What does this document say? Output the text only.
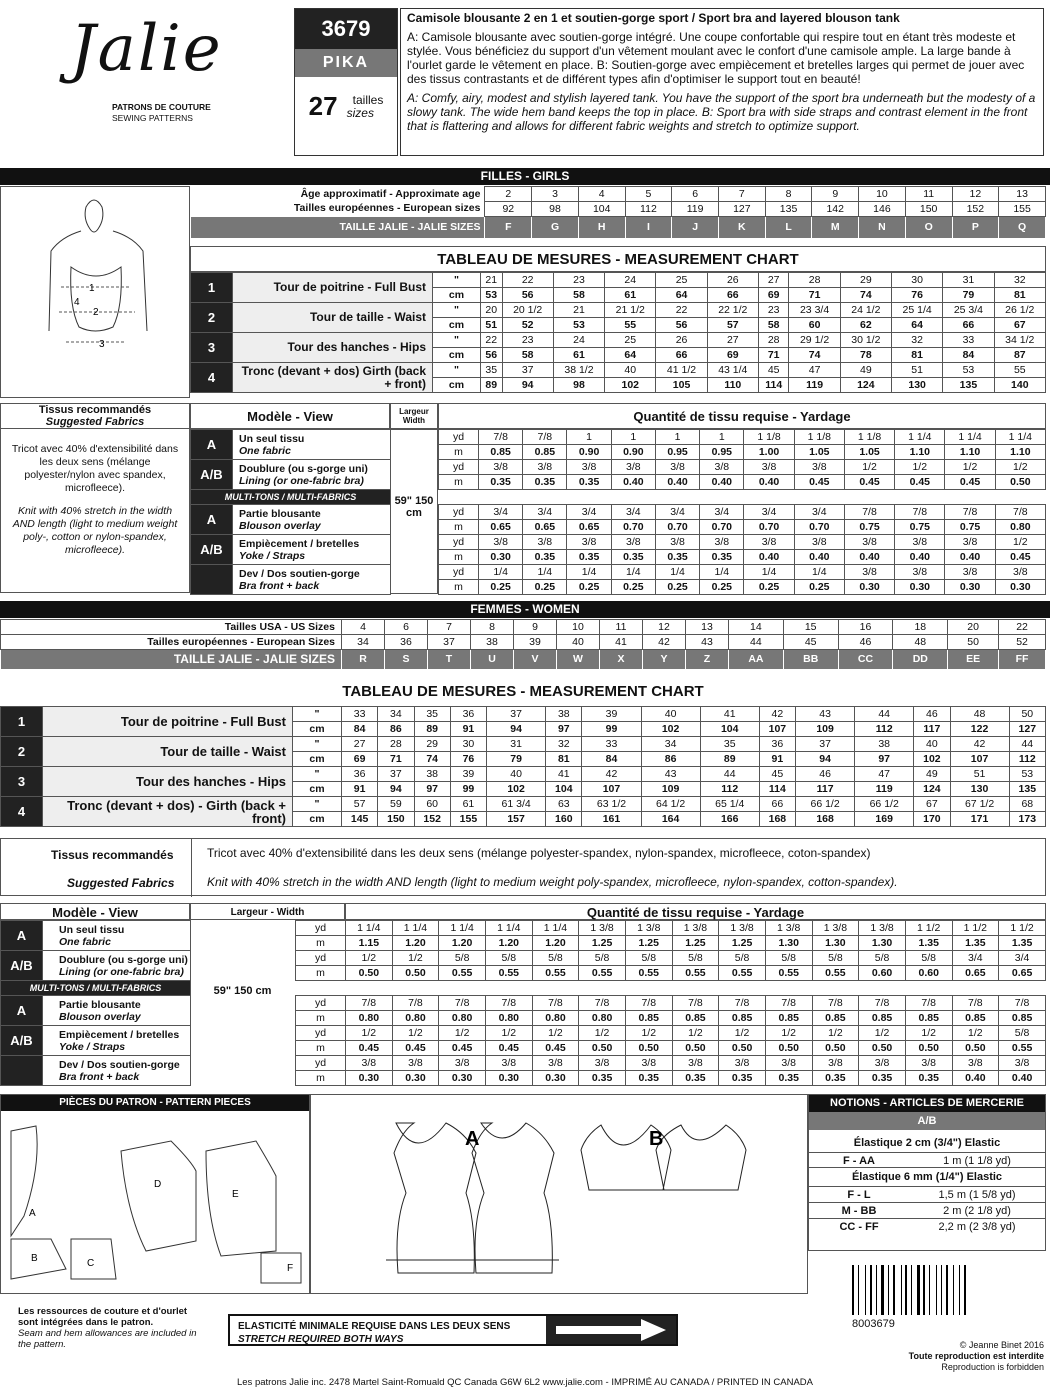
Jalie
PATRONS DE COUTURE
SEWING PATTERNS
3679
PIKA
27 tailles
sizes
Camisole blousante 2 en 1 et soutien-gorge sport / Sport bra and layered blouson tank

A: Camisole blousante avec soutien-gorge intégré. Une coupe confortable qui respire tout en étant très modeste et stylée. Vous bénéficiez du support d'un vêtement moulant avec le confort d'une camisole ample. La large bande à l'ourlet garde le vêtement en place. B: Soutien-gorge avec empiècement et bretelles larges qui permet de jouer avec des tissus contrastants et de différent types afin d'optimiser le support tout en beauté!

A: Comfy, airy, modest and stylish layered tank. You have the support of the sport bra underneath but the modesty of a slowy tank. The wide hem band keeps the top in place. B: Sport bra with side straps and contrast element in the front that is flattering and allows for different fabric weights and stretch to optimize support.

FILLES - GIRLS
1
2
3
4
Âge approximatif - Approximate age	2	3	4	5	6	7	8	9	10	11	12	13
Tailles européennes - European sizes	92	98	104	112	119	127	135	142	146	150	152	155
TAILLE JALIE - JALIE SIZES	F	G	H	I	J	K	L	M	N	O	P	Q
TABLEAU DE MESURES - MEASUREMENT CHART
1	Tour de poitrine - Full Bust	"	21	22	23	24	25	26	27	28	29	30	31	32
		cm	53	56	58	61	64	66	69	71	74	76	79	81
2	Tour de taille - Waist	"	20	20 1/2	21	21 1/2	22	22 1/2	23	23 3/4	24 1/2	25 1/4	25 3/4	26 1/2
		cm	51	52	53	55	56	57	58	60	62	64	66	67
3	Tour des hanches - Hips	"	22	23	24	25	26	27	28	29 1/2	30 1/2	32	33	34 1/2
		cm	56	58	61	64	66	69	71	74	78	81	84	87
4	Tronc (devant + dos) Girth (back + front)	"	35	37	38 1/2	40	41 1/2	43 1/4	45	47	49	51	53	55
		cm	89	94	98	102	105	110	114	119	124	130	135	140
Tissus recommandés
Suggested Fabrics
Tricot avec 40% d'extensibilité dans les deux sens (mélange polyester/nylon avec spandex, microfleece).
Knit with 40% stretch in the width AND length (light to medium weight poly-, cotton or nylon-spandex, microfleece).
Modèle - View	Largeur Width	Quantité de tissu requise - Yardage
59" 150 cm
A	Un seul tissu
One fabric		yd	7/8	7/8	1	1	1	1	1 1/8	1 1/8	1 1/8	1 1/4	1 1/4	1 1/4
			m	0.85	0.85	0.90	0.90	0.95	0.95	1.00	1.05	1.05	1.10	1.10	1.10
A/B	Doublure (ou s-gorge uni)
Lining (or one-fabric bra)		yd	3/8	3/8	3/8	3/8	3/8	3/8	3/8	3/8	1/2	1/2	1/2	1/2
			m	0.35	0.35	0.35	0.40	0.40	0.40	0.40	0.45	0.45	0.45	0.45	0.50
MULTI-TONS / MULTI-FABRICS															
A	Partie blousante
Blouson overlay		yd	3/4	3/4	3/4	3/4	3/4	3/4	3/4	3/4	7/8	7/8	7/8	7/8
			m	0.65	0.65	0.65	0.70	0.70	0.70	0.70	0.70	0.75	0.75	0.75	0.80
A/B	Empiècement / bretelles
Yoke / Straps		yd	3/8	3/8	3/8	3/8	3/8	3/8	3/8	3/8	3/8	3/8	3/8	1/2
			m	0.30	0.35	0.35	0.35	0.35	0.35	0.40	0.40	0.40	0.40	0.40	0.45

	Dev / Dos soutien-gorge
Bra front + back		yd	1/4	1/4	1/4	1/4	1/4	1/4	1/4	1/4	3/8	3/8	3/8	3/8
			m	0.25	0.25	0.25	0.25	0.25	0.25	0.25	0.25	0.30	0.30	0.30	0.30
FEMMES - WOMEN
Tailles USA - US Sizes	4	6	7	8	9	10	11	12	13	14	15	16	18	20	22
Tailles européennes - European Sizes	34	36	37	38	39	40	41	42	43	44	45	46	48	50	52
TAILLE JALIE - JALIE SIZES	R	S	T	U	V	W	X	Y	Z	AA	BB	CC	DD	EE	FF
TABLEAU DE MESURES - MEASUREMENT CHART
1	Tour de poitrine - Full Bust	"	33	34	35	36	37	38	39	40	41	42	43	44	46	48	50
		cm	84	86	89	91	94	97	99	102	104	107	109	112	117	122	127
2	Tour de taille - Waist	"	27	28	29	30	31	32	33	34	35	36	37	38	40	42	44
		cm	69	71	74	76	79	81	84	86	89	91	94	97	102	107	112
3	Tour des hanches - Hips	"	36	37	38	39	40	41	42	43	44	45	46	47	49	51	53
		cm	91	94	97	99	102	104	107	109	112	114	117	119	124	130	135
4	Tronc (devant + dos) - Girth (back + front)	"	57	59	60	61	61 3/4	63	63 1/2	64 1/2	65 1/4	66	66 1/2	66 1/2	67	67 1/2	68
		cm	145	150	152	155	157	160	161	164	166	168	168	169	170	171	173
Tissus recommandés
Suggested Fabrics
Tricot avec 40% d'extensibilité dans les deux sens (mélange polyester-spandex, nylon-spandex, microfleece, coton-spandex)
Knit with 40% stretch in the width AND length (light to medium weight poly-spandex, microfleece, nylon-spandex, cotton-spandex).
Modèle - View	Largeur - Width	Quantité de tissu requise - Yardage
59" 150 cm
A	Un seul tissu
One fabric		yd	1 1/4	1 1/4	1 1/4	1 1/4	1 1/4	1 3/8	1 3/8	1 3/8	1 3/8	1 3/8	1 3/8	1 3/8	1 1/2	1 1/2	1 1/2
			m	1.15	1.20	1.20	1.20	1.20	1.25	1.25	1.25	1.25	1.30	1.30	1.30	1.35	1.35	1.35
A/B	Doublure (ou s-gorge uni)
Lining (or one-fabric bra)		yd	1/2	1/2	5/8	5/8	5/8	5/8	5/8	5/8	5/8	5/8	5/8	5/8	5/8	3/4	3/4
			m	0.50	0.50	0.55	0.55	0.55	0.55	0.55	0.55	0.55	0.55	0.55	0.60	0.60	0.65	0.65
MULTI-TONS / MULTI-FABRICS																		
A	Partie blousante
Blouson overlay		yd	7/8	7/8	7/8	7/8	7/8	7/8	7/8	7/8	7/8	7/8	7/8	7/8	7/8	7/8	7/8
			m	0.80	0.80	0.80	0.80	0.80	0.80	0.85	0.85	0.85	0.85	0.85	0.85	0.85	0.85	0.85
A/B	Empiècement / bretelles
Yoke / Straps		yd	1/2	1/2	1/2	1/2	1/2	1/2	1/2	1/2	1/2	1/2	1/2	1/2	1/2	1/2	5/8
			m	0.45	0.45	0.45	0.45	0.45	0.50	0.50	0.50	0.50	0.50	0.50	0.50	0.50	0.50	0.55

	Dev / Dos soutien-gorge
Bra front + back		yd	3/8	3/8	3/8	3/8	3/8	3/8	3/8	3/8	3/8	3/8	3/8	3/8	3/8	3/8	3/8
			m	0.30	0.30	0.30	0.30	0.30	0.35	0.35	0.35	0.35	0.35	0.35	0.35	0.35	0.40	0.40
PIÈCES DU PATRON - PATTERN PIECES
A
B	C
D
E
F
A	B
NOTIONS - ARTICLES DE MERCERIE
A/B
Élastique 2 cm (3/4") Elastic
F - AA	1 m (1 1/8 yd)
Élastique 6 mm (1/4") Elastic
F - L	1,5 m (1 5/8 yd)
M - BB	2 m (2 1/8 yd)
CC - FF	2,2 m (2 3/8 yd)
8003679
Les ressources de couture et d'ourlet sont intégrées dans le patron.
Seam and hem allowances are included in the pattern.
ELASTICITÉ MINIMALE REQUISE DANS LES DEUX SENS
STRETCH REQUIRED BOTH WAYS	© Jeanne Binet 2016
Toute reproduction est interdite
Reproduction is forbidden
Les patrons Jalie inc. 2478 Martel Saint-Romuald QC Canada G6W 6L2 www.jalie.com - IMPRIMÉ AU CANADA / PRINTED IN CANADA
